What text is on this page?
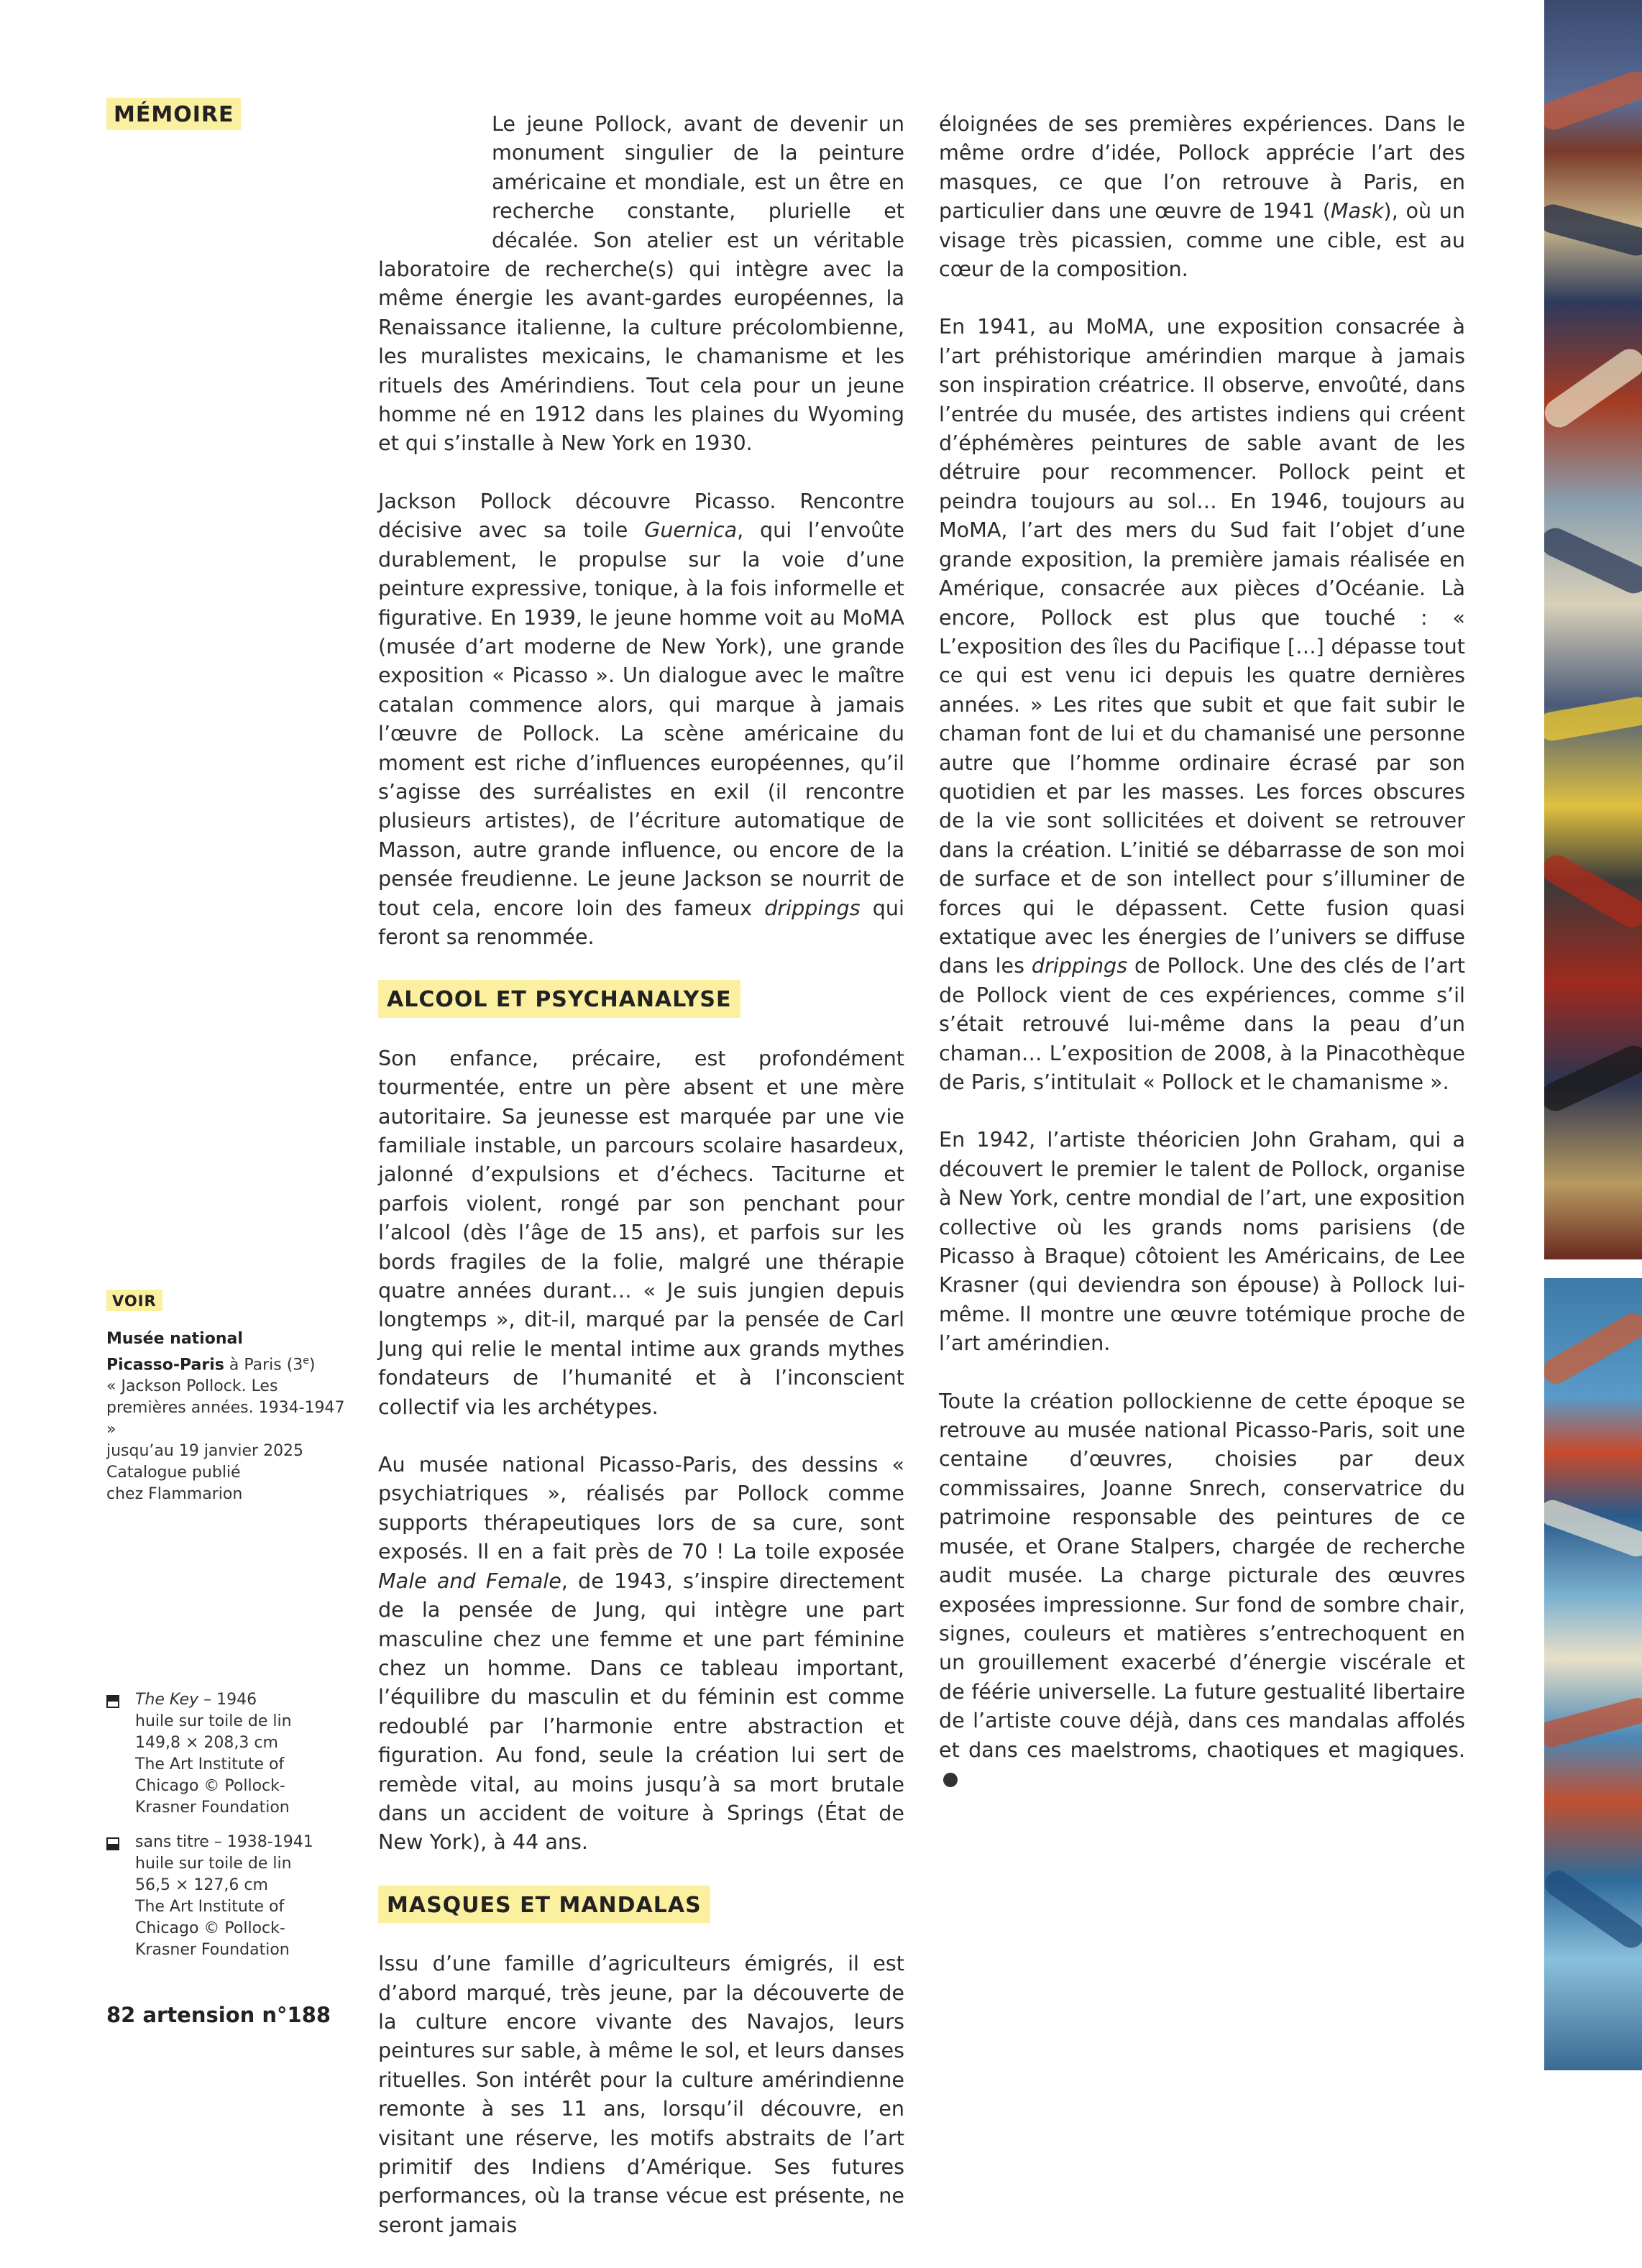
MÉMOIRE	Le jeune Pollock, avant de devenir un monument singulier de la peinture américaine et mondiale, est un être en recherche constante, plurielle et décalée. Son atelier est un véritable laboratoire de recherche(s) qui intègre avec la même énergie les avant-gardes européennes, la Renaissance italienne, la culture précolombienne, les muralistes mexicains, le chamanisme et les rituels des Amérindiens. Tout cela pour un jeune homme né en 1912 dans les plaines du Wyoming et qui s’installe à New York en 1930.

Jackson Pollock découvre Picasso. Rencontre décisive avec sa toile Guernica, qui l’envoûte durablement, le propulse sur la voie d’une peinture expressive, tonique, à la fois informelle et figurative. En 1939, le jeune homme voit au MoMA (musée d’art moderne de New York), une grande exposition « Picasso ». Un dialogue avec le maître catalan commence alors, qui marque à jamais l’œuvre de Pollock. La scène américaine du moment est riche d’influences européennes, qu’il s’agisse des surréalistes en exil (il rencontre plusieurs artistes), de l’écriture automatique de Masson, autre grande influence, ou encore de la pensée freudienne. Le jeune Jackson se nourrit de tout cela, encore loin des fameux drippings qui feront sa renommée.

ALCOOL ET PSYCHANALYSE

Son enfance, précaire, est profondément tourmentée, entre un père absent et une mère autoritaire. Sa jeunesse est marquée par une vie familiale instable, un parcours scolaire hasardeux, jalonné d’expulsions et d’échecs. Taciturne et parfois violent, rongé par son penchant pour l’alcool (dès l’âge de 15 ans), et parfois sur les bords fragiles de la folie, malgré une thérapie quatre années durant… « Je suis jungien depuis longtemps », dit-il, marqué par la pensée de Carl Jung qui relie le mental intime aux grands mythes fondateurs de l’humanité et à l’inconscient collectif via les archétypes.

Au musée national Picasso-Paris, des dessins « psychiatriques », réalisés par Pollock comme supports thérapeutiques lors de sa cure, sont exposés. Il en a fait près de 70 ! La toile exposée Male and Female, de 1943, s’inspire directement de la pensée de Jung, qui intègre une part masculine chez une femme et une part féminine chez un homme. Dans ce tableau important, l’équilibre du masculin et du féminin est comme redoublé par l’harmonie entre abstraction et figuration. Au fond, seule la création lui sert de remède vital, au moins jusqu’à sa mort brutale dans un accident de voiture à Springs (État de New York), à 44 ans.

MASQUES ET MANDALAS

Issu d’une famille d’agriculteurs émigrés, il est d’abord marqué, très jeune, par la découverte de la culture encore vivante des Navajos, leurs peintures sur sable, à même le sol, et leurs danses rituelles. Son intérêt pour la culture amérindienne remonte à ses 11 ans, lorsqu’il découvre, en visitant une réserve, les motifs abstraits de l’art primitif des Indiens d’Amérique. Ses futures performances, où la transe vécue est présente, ne seront jamais

éloignées de ses premières expériences. Dans le même ordre d’idée, Pollock apprécie l’art des masques, ce que l’on retrouve à Paris, en particulier dans une œuvre de 1941 (Mask), où un visage très picassien, comme une cible, est au cœur de la composition.

En 1941, au MoMA, une exposition consacrée à l’art préhistorique amérindien marque à jamais son inspiration créatrice. Il observe, envoûté, dans l’entrée du musée, des artistes indiens qui créent d’éphémères peintures de sable avant de les détruire pour recommencer. Pollock peint et peindra toujours au sol… En 1946, toujours au MoMA, l’art des mers du Sud fait l’objet d’une grande exposition, la première jamais réalisée en Amérique, consacrée aux pièces d’Océanie. Là encore, Pollock est plus que touché : « L’exposition des îles du Pacifique […] dépasse tout ce qui est venu ici depuis les quatre dernières années. » Les rites que subit et que fait subir le chaman font de lui et du chamanisé une personne autre que l’homme ordinaire écrasé par son quotidien et par les masses. Les forces obscures de la vie sont sollicitées et doivent se retrouver dans la création. L’initié se débarrasse de son moi de surface et de son intellect pour s’illuminer de forces qui le dépassent. Cette fusion quasi extatique avec les énergies de l’univers se diffuse dans les drippings de Pollock. Une des clés de l’art de Pollock vient de ces expériences, comme s’il s’était retrouvé lui-même dans la peau d’un chaman… L’exposition de 2008, à la Pinacothèque de Paris, s’intitulait « Pollock et le chamanisme ».

En 1942, l’artiste théoricien John Graham, qui a découvert le premier le talent de Pollock, organise à New York, centre mondial de l’art, une exposition collective où les grands noms parisiens (de Picasso à Braque) côtoient les Américains, de Lee Krasner (qui deviendra son épouse) à Pollock lui-même. Il montre une œuvre totémique proche de l’art amérindien.

Toute la création pollockienne de cette époque se retrouve au musée national Picasso-Paris, soit une centaine d’œuvres, choisies par deux commissaires, Joanne Snrech, conservatrice du patrimoine responsable des peintures de ce musée, et Orane Stalpers, chargée de recherche audit musée. La charge picturale des œuvres exposées impressionne. Sur fond de sombre chair, signes, couleurs et matières s’entrechoquent en un grouillement exacerbé d’énergie viscérale et de féérie universelle. La future gestualité libertaire de l’artiste couve déjà, dans ces mandalas affolés et dans ces maelstroms, chaotiques et magiques.

VOIR
Musée national
Picasso-Paris à Paris (3e)
« Jackson Pollock. Les premières années. 1934-1947 »
jusqu’au 19 janvier 2025
Catalogue publié chez Flammarion
The Key – 1946
huile sur toile de lin
149,8 × 208,3 cm
The Art Institute of Chicago © Pollock-Krasner Foundation
sans titre – 1938-1941
huile sur toile de lin
56,5 × 127,6 cm
The Art Institute of Chicago © Pollock-Krasner Foundation
82 artension n°188
